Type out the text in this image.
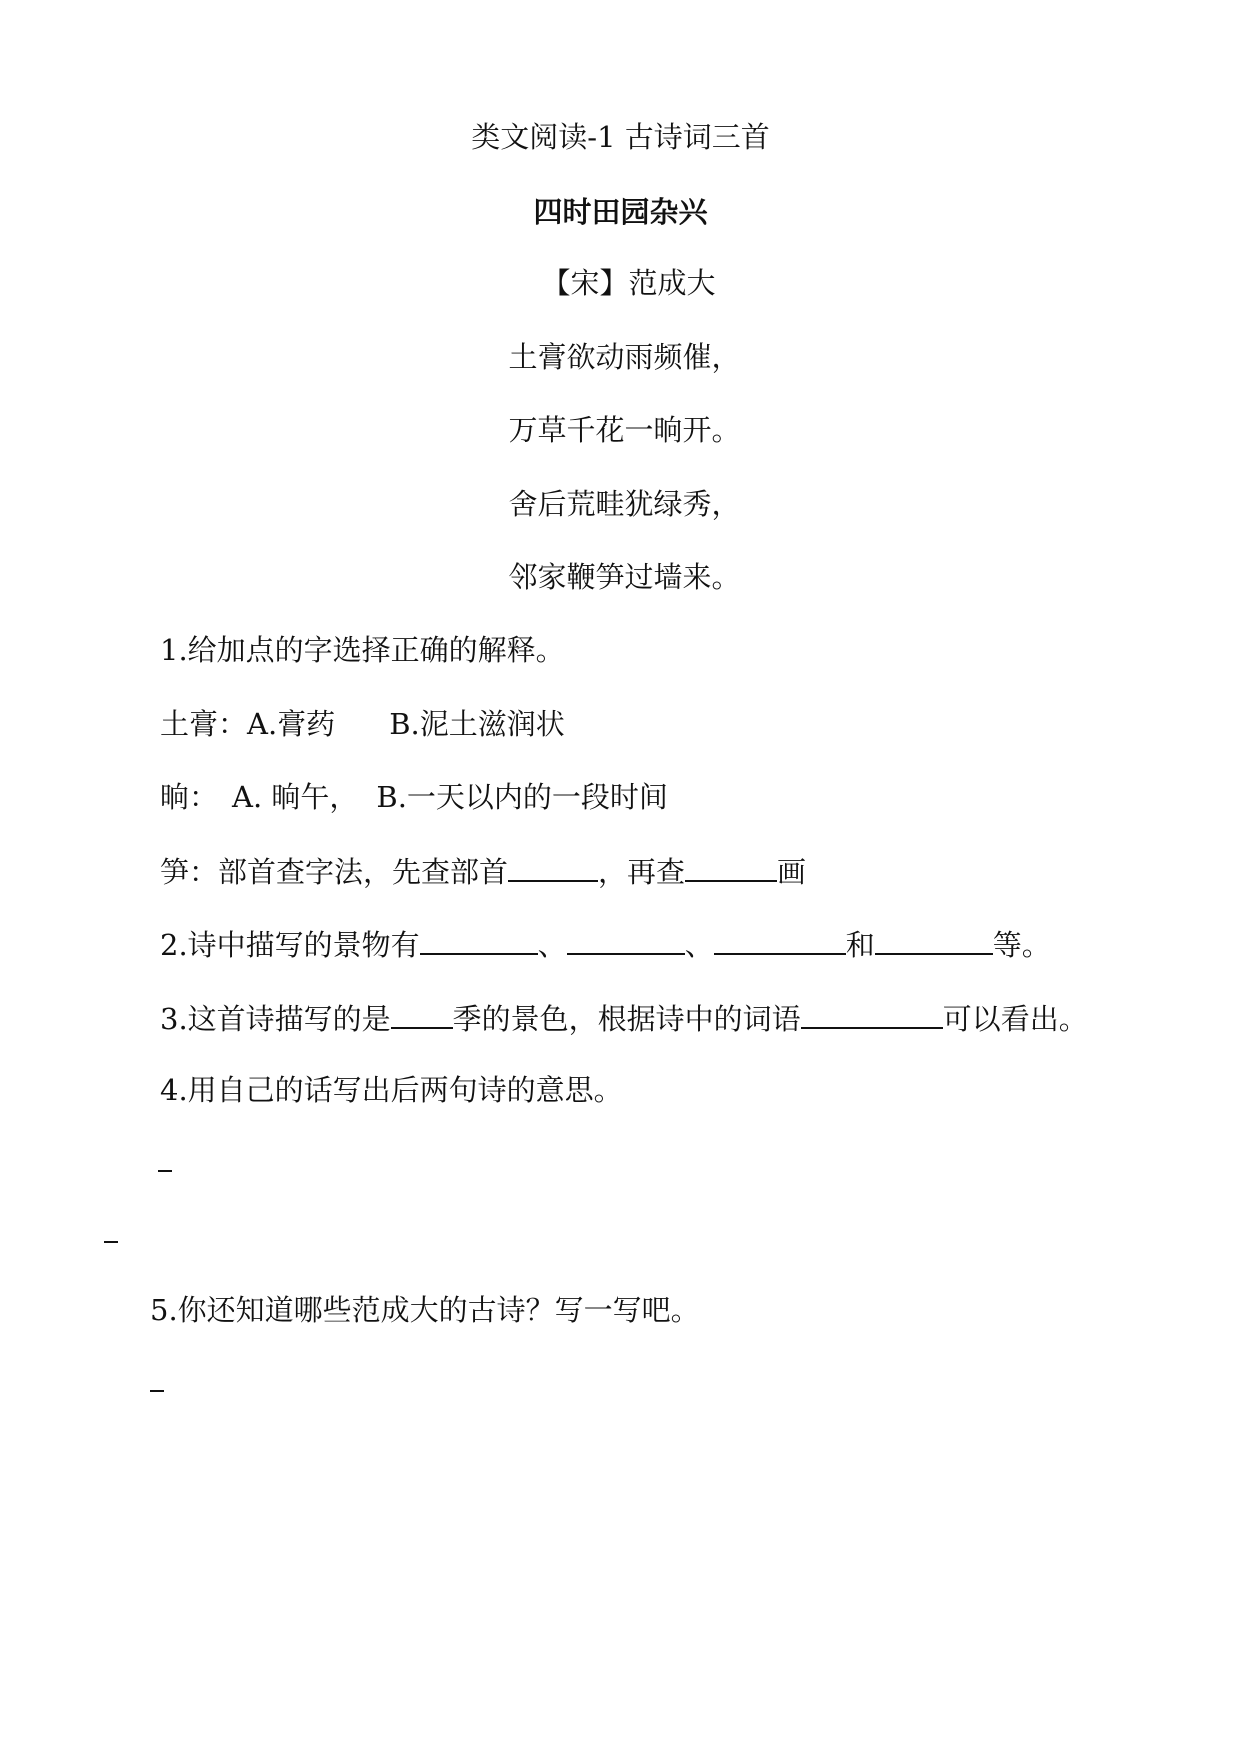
类文阅读-1 古诗词三首
四时田园杂兴
【宋】范成大
土膏欲动雨频催，
万草千花一晌开。
舍后荒畦犹绿秀，
邻家鞭笋过墙来。
1.给加点的字选择正确的解释。
土膏：A.膏药 B.泥土滋润状
晌： A. 晌午， B.一天以内的一段时间
笋：部首查字法，先查部首	，再查	画
2.诗中描写的景物有	、	、	和	等。
3.这首诗描写的是 季的景色，根据诗中的词语	可以看出。
4.用自己的话写出后两句诗的意思。
5.你还知道哪些范成大的古诗？写一写吧。
